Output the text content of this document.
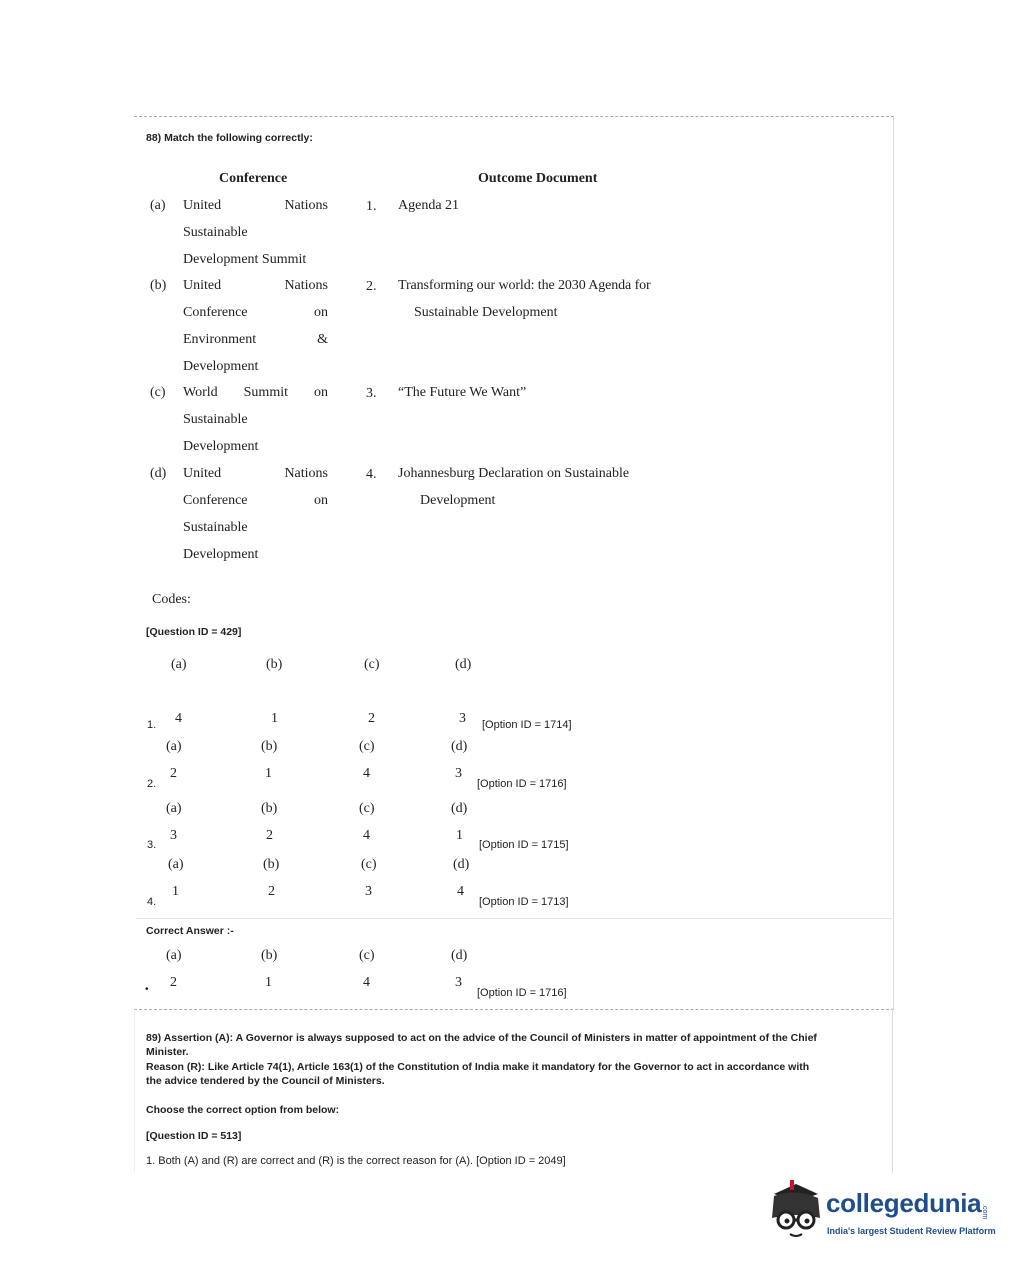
88) Match the following correctly:
Conference	Outcome Document
(a) United	Nations
Sustainable
Development Summit
1. Agenda 21
(b) United	Nations
Conference	on
Environment	&
Development
2. Transforming our world: the 2030 Agenda for
Sustainable Development
(c) World Summit on
Sustainable
Development
3. “The Future We Want”
(d) United	Nations
Conference	on
Sustainable
Development
4. Johannesburg Declaration on Sustainable
Development
Codes:
[Question ID = 429]
(a)	(b)	(c)	(d)
1. 4	1	2	3 [Option ID = 1714]
(a)	(b)	(c)	(d)
2	1	4	3
2.	[Option ID = 1716]
(a)	(b)	(c)	(d)
3	2	4	1
3.	[Option ID = 1715]
(a)	(b)	(c)	(d)
1	2	3	4
4.	[Option ID = 1713]
Correct Answer :-
(a)	(b)	(c)	(d)
2	1	4	3
•	[Option ID = 1716]
89) Assertion (A): A Governor is always supposed to act on the advice of the Council of Ministers in matter of appointment of the Chief
Minister.
Reason (R): Like Article 74(1), Article 163(1) of the Constitution of India make it mandatory for the Governor to act in accordance with
the advice tendered by the Council of Ministers.
Choose the correct option from below:
[Question ID = 513]
1. Both (A) and (R) are correct and (R) is the correct reason for (A). [Option ID = 2049]
collegedunia .com
India's largest Student Review Platform
